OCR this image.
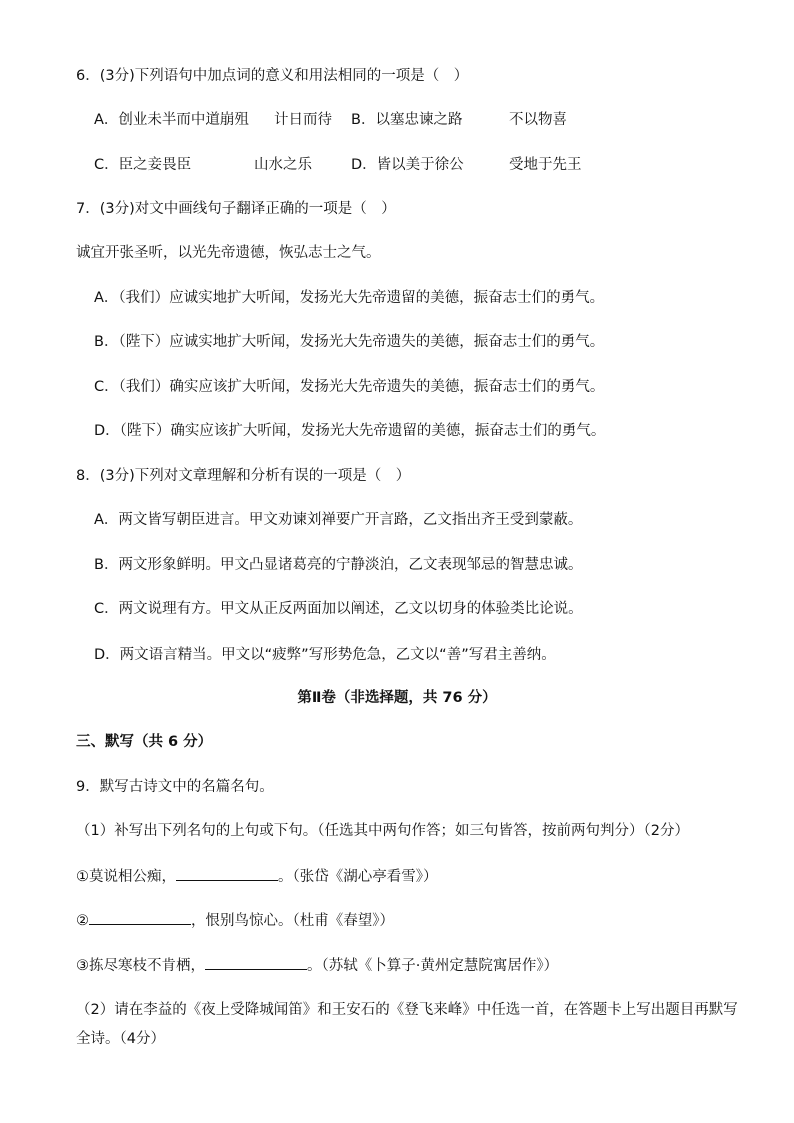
6．(3分)下列语句中加点词的意义和用法相同的一项是（　）
A．创业未半而中道崩殂 计日而待 B．以塞忠谏之路	不以物喜
C．臣之妾畏臣	山水之乐	D．皆以美于徐公	受地于先王
7．(3分)对文中画线句子翻译正确的一项是（　）
诚宜开张圣听，以光先帝遗德，恢弘志士之气。
A．（我们）应诚实地扩大听闻，发扬光大先帝遗留的美德，振奋志士们的勇气。
B．（陛下）应诚实地扩大听闻，发扬光大先帝遗失的美德，振奋志士们的勇气。
C．（我们）确实应该扩大听闻，发扬光大先帝遗失的美德，振奋志士们的勇气。
D．（陛下）确实应该扩大听闻，发扬光大先帝遗留的美德，振奋志士们的勇气。
8．(3分)下列对文章理解和分析有误的一项是（　）
A．两文皆写朝臣进言。甲文劝谏刘禅要广开言路，乙文指出齐王受到蒙蔽。
B．两文形象鲜明。甲文凸显诸葛亮的宁静淡泊，乙文表现邹忌的智慧忠诚。
C．两文说理有方。甲文从正反两面加以阐述，乙文以切身的体验类比论说。
D．两文语言精当。甲文以“疲弊”写形势危急，乙文以“善”写君主善纳。
第Ⅱ卷（非选择题，共 76 分）
三、默写（共 6 分）
9．默写古诗文中的名篇名句。
（1）补写出下列名句的上句或下句。（任选其中两句作答；如三句皆答，按前两句判分）（2分）
①莫说相公痴，	。（张岱《湖心亭看雪》）
②	，恨别鸟惊心。（杜甫《春望》）
③拣尽寒枝不肯栖，	。（苏轼《卜算子·黄州定慧院寓居作》）
（2）请在李益的《夜上受降城闻笛》和王安石的《登飞来峰》中任选一首，在答题卡上写出题目再默写
全诗。（4分）
